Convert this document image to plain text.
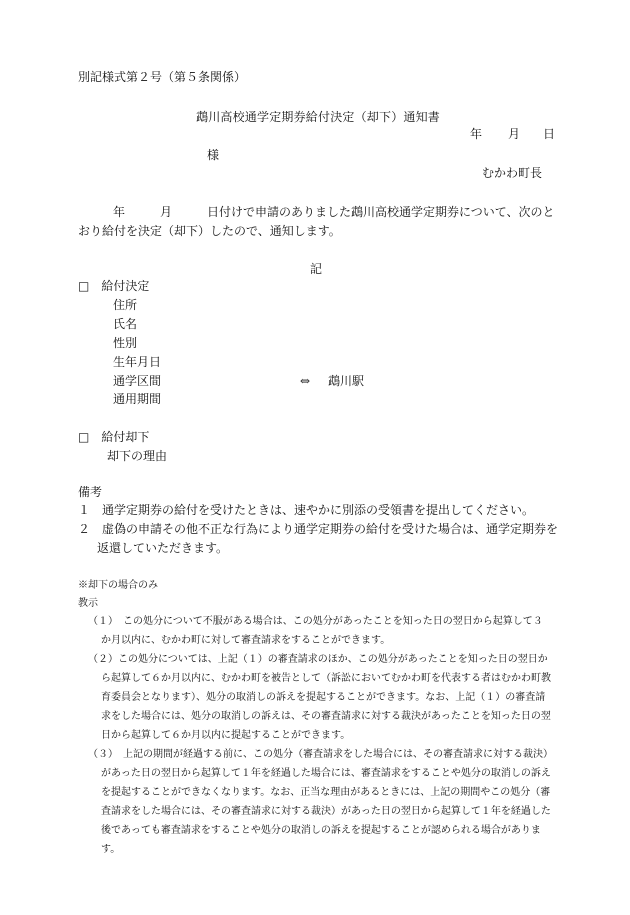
別記様式第２号（第５条関係）
鵡川高校通学定期券給付決定（却下）通知書
年 月 日
様
むかわ町長
年	月	日付けで申請のありました鵡川高校通学定期券について、次のと
おり給付を決定（却下）したので、通知します。
記
□　給付決定
住所
氏名
性別
生年月日
通学区間	⇔ 鵡川駅
通用期間
□　給付却下
却下の理由
備考
１　通学定期券の給付を受けたときは、速やかに別添の受領書を提出してください。
２　虚偽の申請その他不正な行為により通学定期券の給付を受けた場合は、通学定期券を
返還していただきます。
※却下の場合のみ
教示
（１）　この処分について不服がある場合は、この処分があったことを知った日の翌日から起算して３
か月以内に、むかわ町に対して審査請求をすることができます。
（２）この処分については、上記（１）の審査請求のほか、この処分があったことを知った日の翌日か
ら起算して６か月以内に、むかわ町を被告として（訴訟においてむかわ町を代表する者はむかわ町教
育委員会となります）、処分の取消しの訴えを提起することができます。なお、上記（１）の審査請
求をした場合には、処分の取消しの訴えは、その審査請求に対する裁決があったことを知った日の翌
日から起算して６か月以内に提起することができます。
（３）　上記の期間が経過する前に、この処分（審査請求をした場合には、その審査請求に対する裁決）
があった日の翌日から起算して１年を経過した場合には、審査請求をすることや処分の取消しの訴え
を提起することができなくなります。なお、正当な理由があるときには、上記の期間やこの処分（審
査請求をした場合には、その審査請求に対する裁決）があった日の翌日から起算して１年を経過した
後であっても審査請求をすることや処分の取消しの訴えを提起することが認められる場合がありま
す。
